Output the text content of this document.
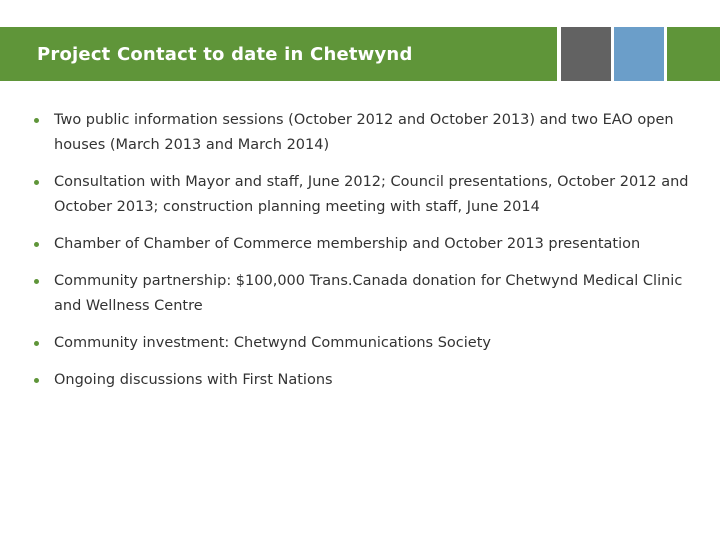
Project Contact to date in Chetwynd
Two public information sessions (October 2012 and October 2013) and two EAO open houses (March 2013 and March 2014)
Consultation with Mayor and staff, June 2012; Council presentations, October 2012 and October 2013; construction planning meeting with staff, June 2014
Chamber of Chamber of Commerce membership and October 2013 presentation
Community partnership: $100,000 Trans.Canada donation for Chetwynd Medical Clinic and Wellness Centre
Community investment: Chetwynd Communications Society
Ongoing discussions with First Nations
